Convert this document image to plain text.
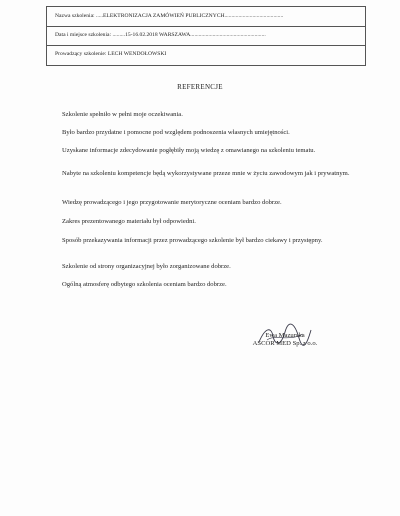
Nazwa szkolenia: .....ELEKTRONIZACJA ZAMÓWIEŃ PUBLICZNYCH..........................................
Data i miejsce szkolenia: .........15-16.02.2018 WARSZAWA......................................................
Prowadzący szkolenie: LECH WENDOŁOWSKI
REFERENCJE
Szkolenie spełniło w pełni moje oczekiwania.
Było bardzo przydatne i pomocne pod względem podnoszenia własnych umiejętności.
Uzyskane informacje zdecydowanie pogłębiły moją wiedzę z omawianego na szkoleniu tematu.
Nabyte na szkoleniu kompetencje będą wykorzystywane przeze mnie w życiu zawodowym jak i prywatnym.
Wiedzę prowadzącego i jego przygotowanie merytoryczne oceniam bardzo dobrze.
Zakres prezentowanego materiału był odpowiedni.
Sposób przekazywania informacji przez prowadzącego szkolenie był bardzo ciekawy i przystępny.
Szkolenie od strony organizacyjnej było zorganizowane dobrze.
Ogólną atmosferę odbytego szkolenia oceniam bardzo dobrze.
Ewa Mazurska
ASCOR MED Sp. z o.o.
